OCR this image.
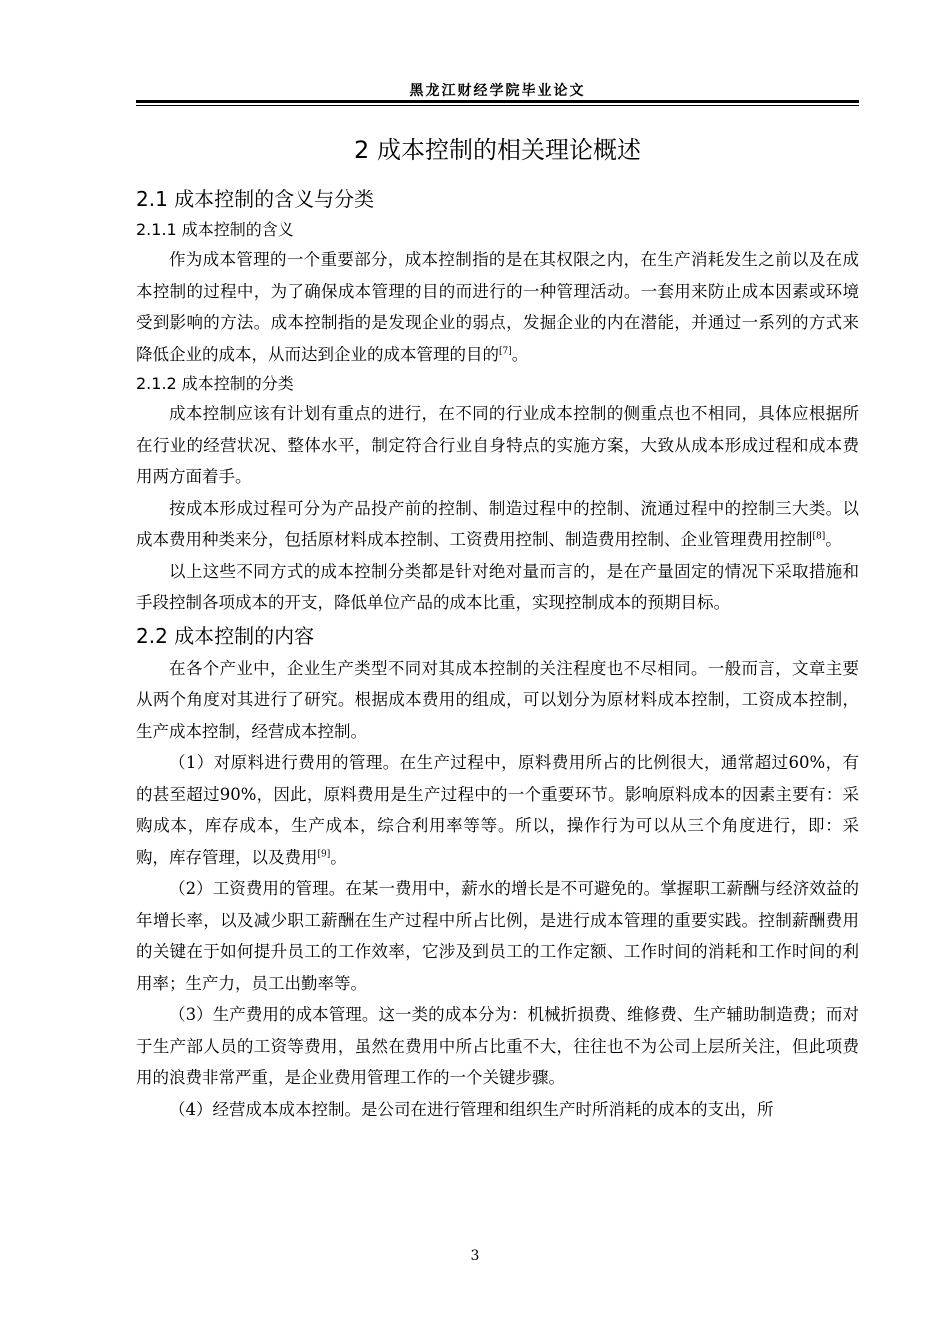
黑龙江财经学院毕业论文
2 成本控制的相关理论概述
2.1 成本控制的含义与分类
2.1.1 成本控制的含义

作为成本管理的一个重要部分，成本控制指的是在其权限之内，在生产消耗发生之前以及在成本控制的过程中，为了确保成本管理的目的而进行的一种管理活动。一套用来防止成本因素或环境受到影响的方法。成本控制指的是发现企业的弱点，发掘企业的内在潜能，并通过一系列的方式来降低企业的成本，从而达到企业的成本管理的目的[7]。

2.1.2 成本控制的分类

成本控制应该有计划有重点的进行，在不同的行业成本控制的侧重点也不相同，具体应根据所在行业的经营状况、整体水平，制定符合行业自身特点的实施方案，大致从成本形成过程和成本费用两方面着手。

按成本形成过程可分为产品投产前的控制、制造过程中的控制、流通过程中的控制三大类。以成本费用种类来分，包括原材料成本控制、工资费用控制、制造费用控制、企业管理费用控制[8]。

以上这些不同方式的成本控制分类都是针对绝对量而言的，是在产量固定的情况下采取措施和手段控制各项成本的开支，降低单位产品的成本比重，实现控制成本的预期目标。

2.2 成本控制的内容

在各个产业中，企业生产类型不同对其成本控制的关注程度也不尽相同。一般而言，文章主要从两个角度对其进行了研究。根据成本费用的组成，可以划分为原材料成本控制，工资成本控制，生产成本控制，经营成本控制。

（1）对原料进行费用的管理。在生产过程中，原料费用所占的比例很大，通常超过60%，有的甚至超过90%，因此，原料费用是生产过程中的一个重要环节。影响原料成本的因素主要有：采购成本，库存成本，生产成本，综合利用率等等。所以，操作行为可以从三个角度进行，即：采购，库存管理，以及费用[9]。

（2）工资费用的管理。在某一费用中，薪水的增长是不可避免的。掌握职工薪酬与经济效益的年增长率，以及减少职工薪酬在生产过程中所占比例，是进行成本管理的重要实践。控制薪酬费用的关键在于如何提升员工的工作效率，它涉及到员工的工作定额、工作时间的消耗和工作时间的利用率；生产力，员工出勤率等。

（3）生产费用的成本管理。这一类的成本分为：机械折损费、维修费、生产辅助制造费；而对于生产部人员的工资等费用，虽然在费用中所占比重不大，往往也不为公司上层所关注，但此项费用的浪费非常严重，是企业费用管理工作的一个关键步骤。

（4）经营成本成本控制。是公司在进行管理和组织生产时所消耗的成本的支出，所

3
